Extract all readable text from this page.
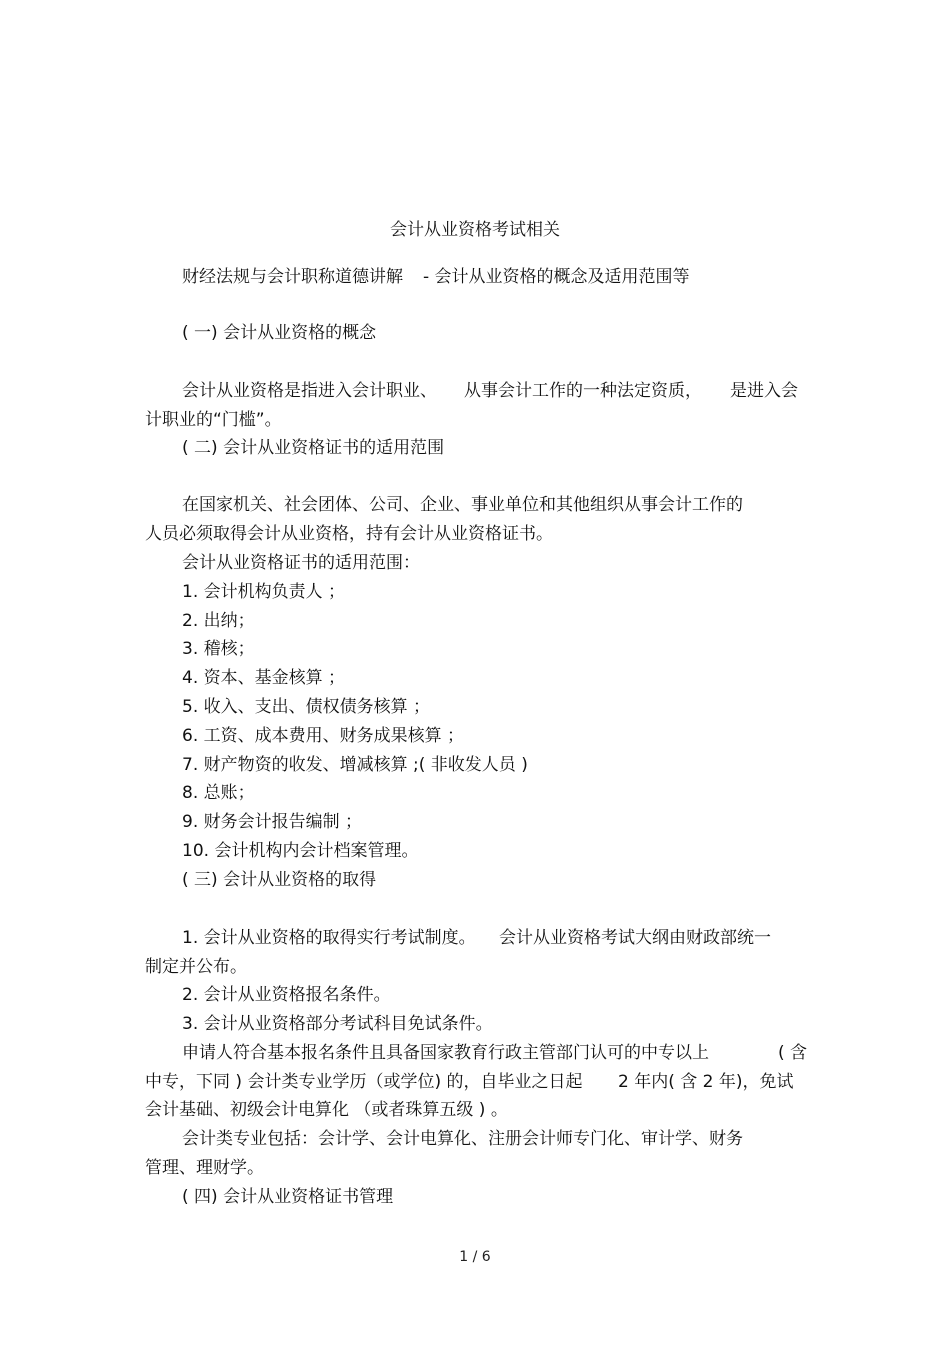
会计从业资格考试相关
财经法规与会计职称道德讲解 - 会计从业资格的概念及适用范围等
( 一) 会计从业资格的概念
会计从业资格是指进入会计职业、 从事会计工作的一种法定资质， 是进入会
计职业的“门槛”。
( 二) 会计从业资格证书的适用范围
在国家机关、社会团体、公司、企业、事业单位和其他组织从事会计工作的
人员必须取得会计从业资格，持有会计从业资格证书。
会计从业资格证书的适用范围：
1. 会计机构负责人 ；
2. 出纳；
3. 稽核；
4. 资本、基金核算 ；
5. 收入、支出、债权债务核算 ；
6. 工资、成本费用、财务成果核算 ；
7. 财产物资的收发、增减核算 ;( 非收发人员 )
8. 总账；
9. 财务会计报告编制 ；
10. 会计机构内会计档案管理。
( 三) 会计从业资格的取得
1. 会计从业资格的取得实行考试制度。 会计从业资格考试大纲由财政部统一
制定并公布。
2. 会计从业资格报名条件。
3. 会计从业资格部分考试科目免试条件。
申请人符合基本报名条件且具备国家教育行政主管部门认可的中专以上	( 含
中专，下同 ) 会计类专业学历（或学位) 的，自毕业之日起 2 年内( 含 2 年)，免试
会计基础、初级会计电算化 （或者珠算五级 ) 。
会计类专业包括：会计学、会计电算化、注册会计师专门化、审计学、财务
管理、理财学。
( 四) 会计从业资格证书管理
1 / 6
